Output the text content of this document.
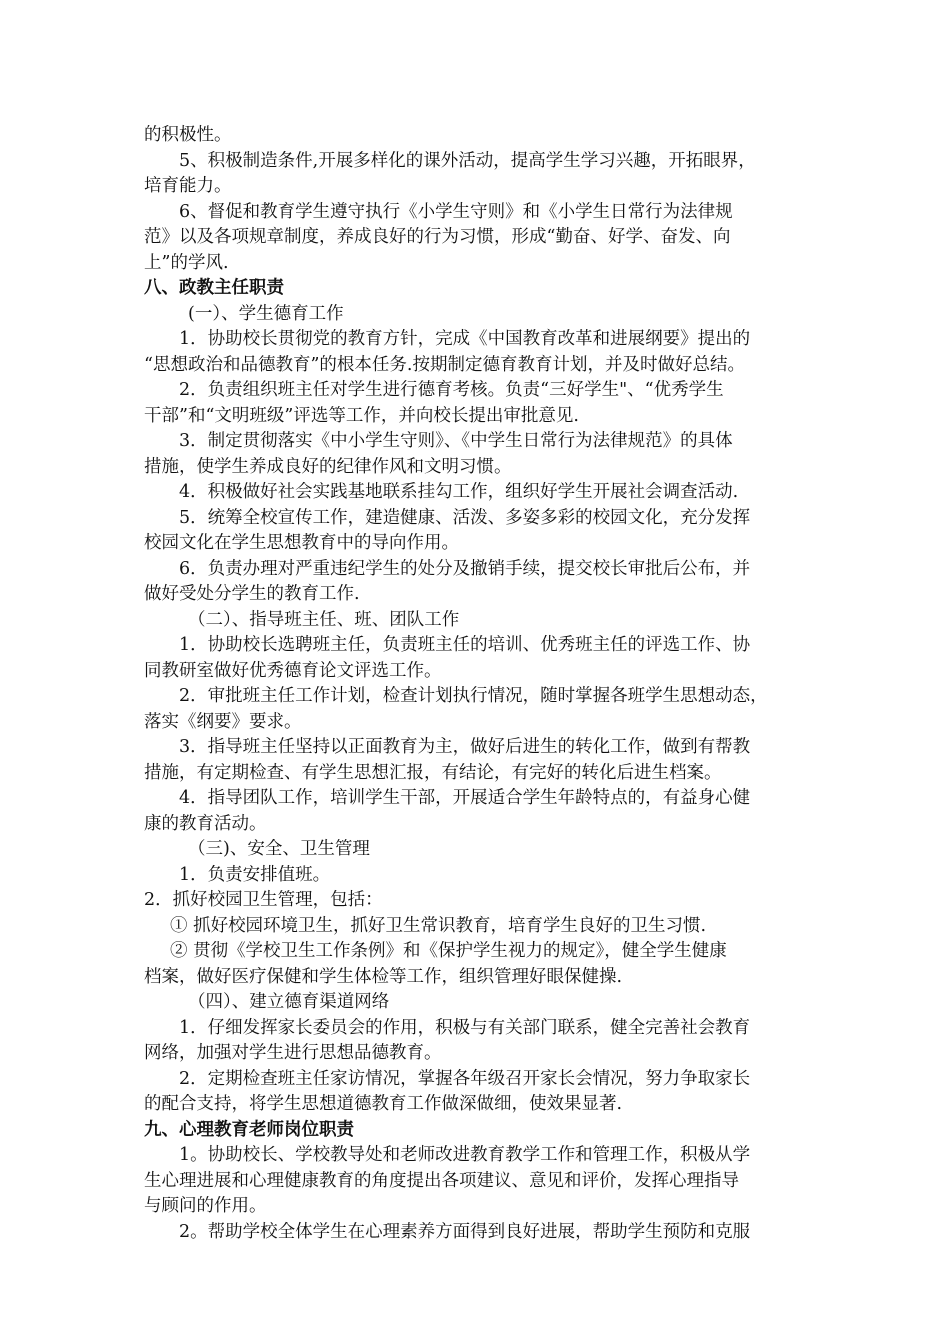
的积极性。

5、积极制造条件,开展多样化的课外活动，提高学生学习兴趣，开拓眼界，

培育能力。

6、督促和教育学生遵守执行《小学生守则》和《小学生日常行为法律规

范》以及各项规章制度，养成良好的行为习惯，形成“勤奋、好学、奋发、向

上”的学风.

八、政教主任职责

(一）、学生德育工作

1．协助校长贯彻党的教育方针，完成《中国教育改革和进展纲要》提出的

“思想政治和品德教育”的根本任务.按期制定德育教育计划，并及时做好总结。

2．负责组织班主任对学生进行德育考核。负责“三好学生"、“优秀学生

干部”和“文明班级”评选等工作，并向校长提出审批意见.

3．制定贯彻落实《中小学生守则》、《中学生日常行为法律规范》的具体

措施，使学生养成良好的纪律作风和文明习惯。

4．积极做好社会实践基地联系挂勾工作，组织好学生开展社会调查活动.

5．统筹全校宣传工作，建造健康、活泼、多姿多彩的校园文化，充分发挥

校园文化在学生思想教育中的导向作用。

6．负责办理对严重违纪学生的处分及撤销手续，提交校长审批后公布，并

做好受处分学生的教育工作.

（二）、指导班主任、班、团队工作

1．协助校长选聘班主任，负责班主任的培训、优秀班主任的评选工作、协

同教研室做好优秀德育论文评选工作。

2．审批班主任工作计划，检查计划执行情况，随时掌握各班学生思想动态，

落实《纲要》要求。

3．指导班主任坚持以正面教育为主，做好后进生的转化工作，做到有帮教

措施，有定期检查、有学生思想汇报，有结论，有完好的转化后进生档案。

4．指导团队工作，培训学生干部，开展适合学生年龄特点的，有益身心健

康的教育活动。

（三)、安全、卫生管理

1．负责安排值班。

2．抓好校园卫生管理，包括：

① 抓好校园环境卫生，抓好卫生常识教育，培育学生良好的卫生习惯.

② 贯彻《学校卫生工作条例》和《保护学生视力的规定》，健全学生健康

档案，做好医疗保健和学生体检等工作，组织管理好眼保健操.

（四）、建立德育渠道网络

1．仔细发挥家长委员会的作用，积极与有关部门联系，健全完善社会教育

网络，加强对学生进行思想品德教育。

2．定期检查班主任家访情况，掌握各年级召开家长会情况，努力争取家长

的配合支持，将学生思想道德教育工作做深做细，使效果显著.

九、心理教育老师岗位职责

1。协助校长、学校教导处和老师改进教育教学工作和管理工作，积极从学

生心理进展和心理健康教育的角度提出各项建议、意见和评价，发挥心理指导

与顾问的作用。

2。帮助学校全体学生在心理素养方面得到良好进展，帮助学生预防和克服
